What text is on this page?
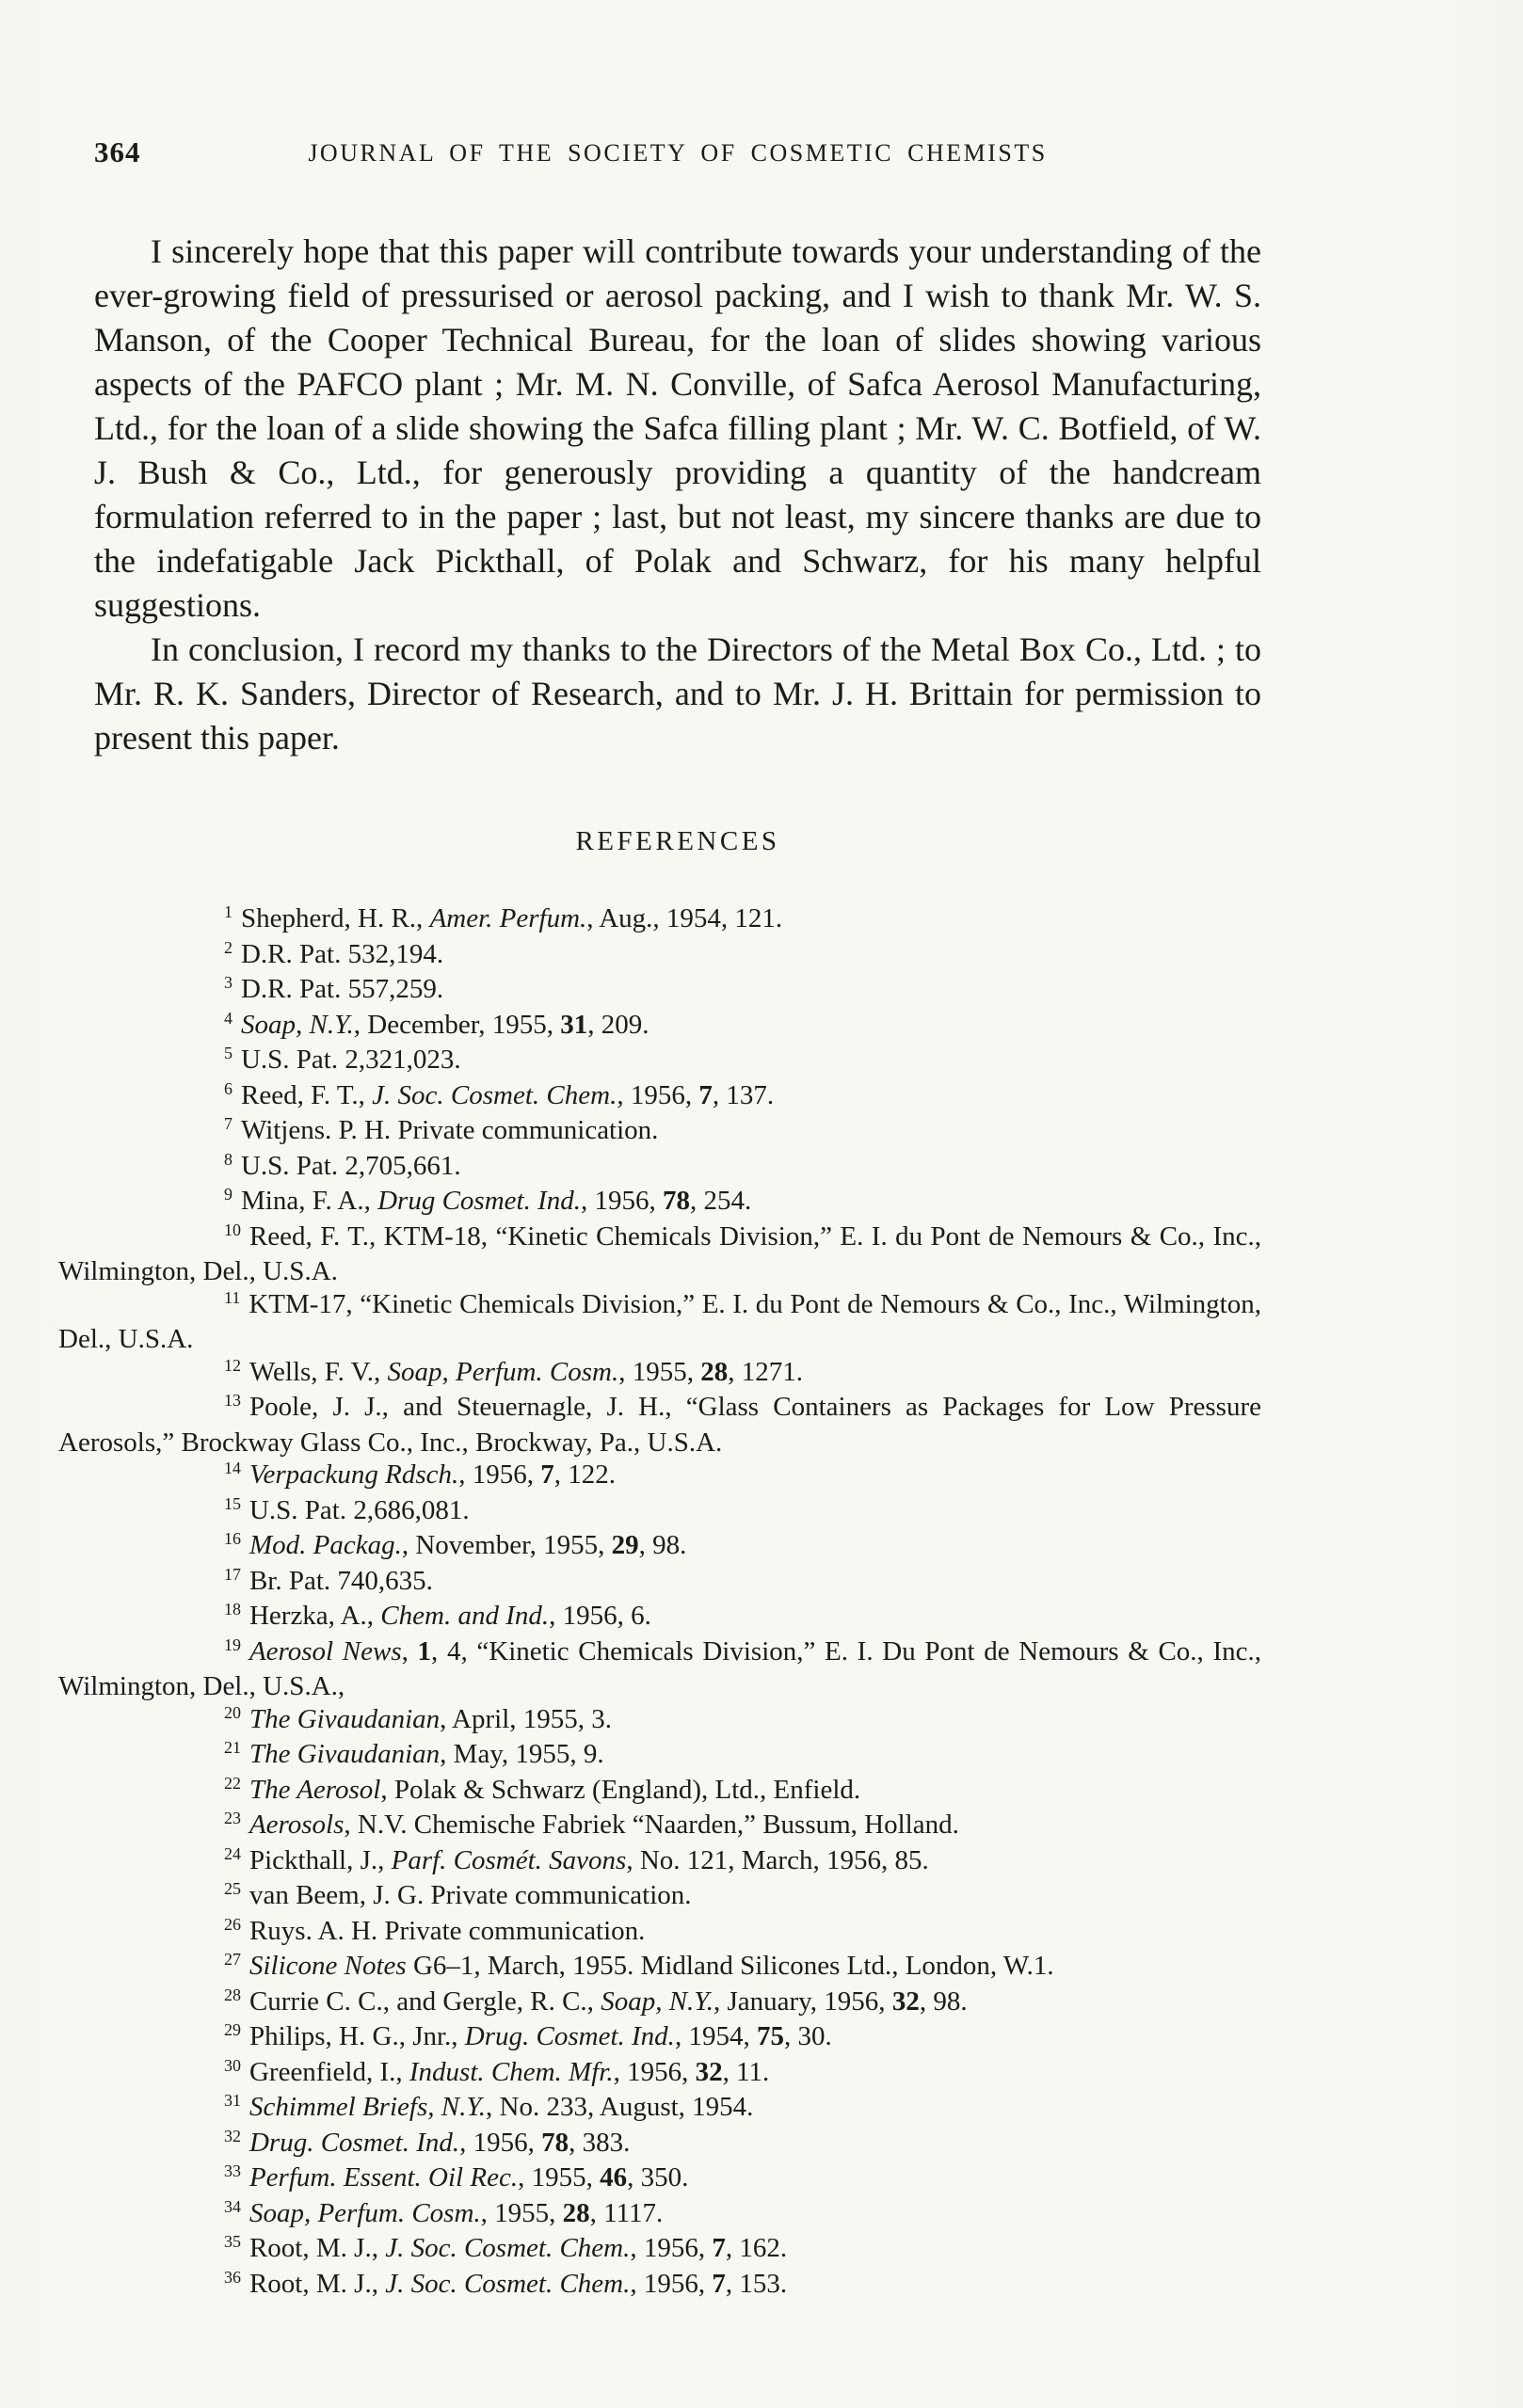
364	JOURNAL OF THE SOCIETY OF COSMETIC CHEMISTS

I sincerely hope that this paper will contribute towards your understanding of the ever-growing field of pressurised or aerosol packing, and I wish to thank Mr. W. S. Manson, of the Cooper Technical Bureau, for the loan of slides showing various aspects of the PAFCO plant ; Mr. M. N. Conville, of Safca Aerosol Manufacturing, Ltd., for the loan of a slide showing the Safca filling plant ; Mr. W. C. Botfield, of W. J. Bush & Co., Ltd., for generously providing a quantity of the handcream formulation referred to in the paper ; last, but not least, my sincere thanks are due to the indefatigable Jack Pickthall, of Polak and Schwarz, for his many helpful suggestions.

In conclusion, I record my thanks to the Directors of the Metal Box Co., Ltd. ; to Mr. R. K. Sanders, Director of Research, and to Mr. J. H. Brittain for permission to present this paper.

REFERENCES

1 Shepherd, H. R., Amer. Perfum., Aug., 1954, 121.

2 D.R. Pat. 532,194.

3 D.R. Pat. 557,259.

4 Soap, N.Y., December, 1955, 31, 209.

5 U.S. Pat. 2,321,023.

6 Reed, F. T., J. Soc. Cosmet. Chem., 1956, 7, 137.

7 Witjens. P. H. Private communication.

8 U.S. Pat. 2,705,661.

9 Mina, F. A., Drug Cosmet. Ind., 1956, 78, 254.

10 Reed, F. T., KTM-18, “Kinetic Chemicals Division,” E. I. du Pont de Nemours & Co., Inc., Wilmington, Del., U.S.A.

11 KTM-17, “Kinetic Chemicals Division,” E. I. du Pont de Nemours & Co., Inc., Wilmington, Del., U.S.A.

12 Wells, F. V., Soap, Perfum. Cosm., 1955, 28, 1271.

13 Poole, J. J., and Steuernagle, J. H., “Glass Containers as Packages for Low Pressure Aerosols,” Brockway Glass Co., Inc., Brockway, Pa., U.S.A.

14 Verpackung Rdsch., 1956, 7, 122.

15 U.S. Pat. 2,686,081.

16 Mod. Packag., November, 1955, 29, 98.

17 Br. Pat. 740,635.

18 Herzka, A., Chem. and Ind., 1956, 6.

19 Aerosol News, 1, 4, “Kinetic Chemicals Division,” E. I. Du Pont de Nemours & Co., Inc., Wilmington, Del., U.S.A.,

20 The Givaudanian, April, 1955, 3.

21 The Givaudanian, May, 1955, 9.

22 The Aerosol, Polak & Schwarz (England), Ltd., Enfield.

23 Aerosols, N.V. Chemische Fabriek “Naarden,” Bussum, Holland.

24 Pickthall, J., Parf. Cosmét. Savons, No. 121, March, 1956, 85.

25 van Beem, J. G. Private communication.

26 Ruys. A. H. Private communication.

27 Silicone Notes G6–1, March, 1955. Midland Silicones Ltd., London, W.1.

28 Currie C. C., and Gergle, R. C., Soap, N.Y., January, 1956, 32, 98.

29 Philips, H. G., Jnr., Drug. Cosmet. Ind., 1954, 75, 30.

30 Greenfield, I., Indust. Chem. Mfr., 1956, 32, 11.

31 Schimmel Briefs, N.Y., No. 233, August, 1954.

32 Drug. Cosmet. Ind., 1956, 78, 383.

33 Perfum. Essent. Oil Rec., 1955, 46, 350.

34 Soap, Perfum. Cosm., 1955, 28, 1117.

35 Root, M. J., J. Soc. Cosmet. Chem., 1956, 7, 162.

36 Root, M. J., J. Soc. Cosmet. Chem., 1956, 7, 153.
